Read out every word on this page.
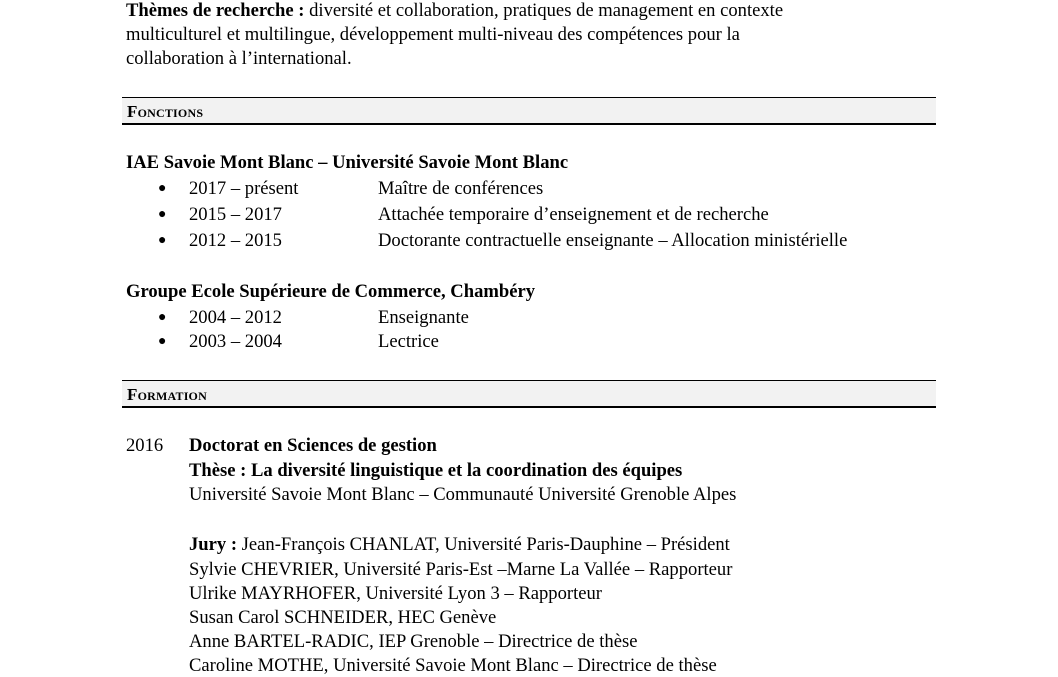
Thèmes de recherche : diversité et collaboration, pratiques de management en contexte
multiculturel et multilingue, développement multi-niveau des compétences pour la
collaboration à l’international.
Fonctions
IAE Savoie Mont Blanc – Université Savoie Mont Blanc
● 2017 – présent	Maître de conférences
● 2015 – 2017	Attachée temporaire d’enseignement et de recherche
● 2012 – 2015	Doctorante contractuelle enseignante – Allocation ministérielle
Groupe Ecole Supérieure de Commerce, Chambéry
● 2004 – 2012	Enseignante
● 2003 – 2004	Lectrice
Formation
2016 Doctorat en Sciences de gestion
Thèse : La diversité linguistique et la coordination des équipes
Université Savoie Mont Blanc – Communauté Université Grenoble Alpes
Jury : Jean-François CHANLAT, Université Paris-Dauphine – Président
Sylvie CHEVRIER, Université Paris-Est –Marne La Vallée – Rapporteur
Ulrike MAYRHOFER, Université Lyon 3 – Rapporteur
Susan Carol SCHNEIDER, HEC Genève
Anne BARTEL-RADIC, IEP Grenoble – Directrice de thèse
Caroline MOTHE, Université Savoie Mont Blanc – Directrice de thèse
